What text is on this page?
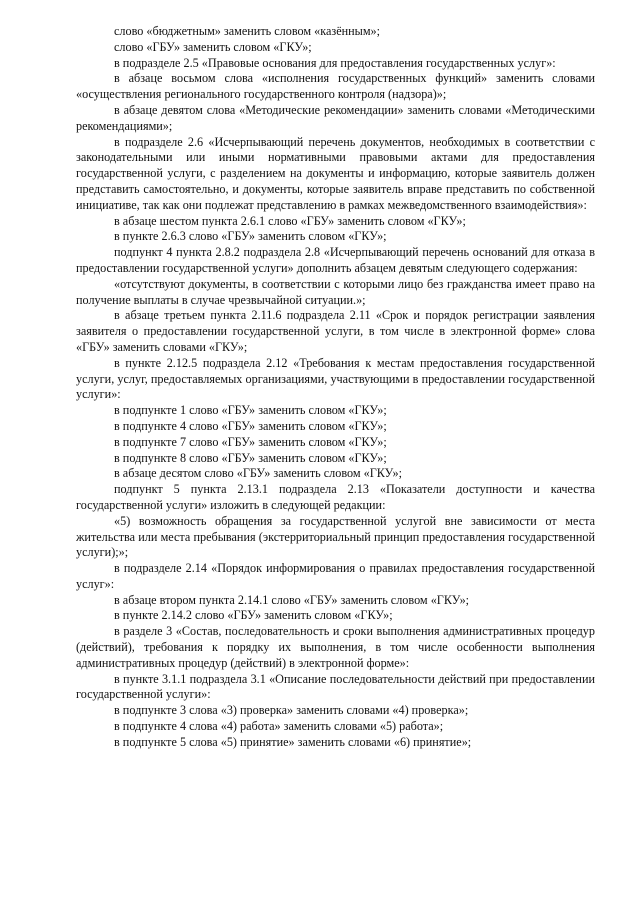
слово «бюджетным» заменить словом «казённым»;

слово «ГБУ» заменить словом «ГКУ»;

в подразделе 2.5 «Правовые основания для предоставления государственных услуг»:

в абзаце восьмом слова «исполнения государственных функций» заменить словами «осуществления регионального государственного контроля (надзора)»;

в абзаце девятом слова «Методические рекомендации» заменить словами «Методическими рекомендациями»;

в подразделе 2.6 «Исчерпывающий перечень документов, необходимых в соответствии с законодательными или иными нормативными правовыми актами для предоставления государственной услуги, с разделением на документы и информацию, которые заявитель должен представить самостоятельно, и документы, которые заявитель вправе представить по собственной инициативе, так как они подлежат представлению в рамках межведомственного взаимодействия»:

в абзаце шестом пункта 2.6.1 слово «ГБУ» заменить словом «ГКУ»;

в пункте 2.6.3 слово «ГБУ» заменить словом «ГКУ»;

подпункт 4 пункта 2.8.2 подраздела 2.8 «Исчерпывающий перечень оснований для отказа в предоставлении государственной услуги» дополнить абзацем девятым следующего содержания:

«отсутствуют документы, в соответствии с которыми лицо без гражданства имеет право на получение выплаты в случае чрезвычайной ситуации.»;

в абзаце третьем пункта 2.11.6 подраздела 2.11 «Срок и порядок регистрации заявления заявителя о предоставлении государственной услуги, в том числе в электронной форме» слова «ГБУ» заменить словами «ГКУ»;

в пункте 2.12.5 подраздела 2.12 «Требования к местам предоставления государственной услуги, услуг, предоставляемых организациями, участвующими в предоставлении государственной услуги»:

в подпункте 1 слово «ГБУ» заменить словом «ГКУ»;

в подпункте 4 слово «ГБУ» заменить словом «ГКУ»;

в подпункте 7 слово «ГБУ» заменить словом «ГКУ»;

в подпункте 8 слово «ГБУ» заменить словом «ГКУ»;

в абзаце десятом слово «ГБУ» заменить словом «ГКУ»;

подпункт 5 пункта 2.13.1 подраздела 2.13 «Показатели доступности и качества государственной услуги» изложить в следующей редакции:

«5) возможность обращения за государственной услугой вне зависимости от места жительства или места пребывания (экстерриториальный принцип предоставления государственной услуги);»;

в подразделе 2.14 «Порядок информирования о правилах предоставления государственной услуг»:

в абзаце втором пункта 2.14.1 слово «ГБУ» заменить словом «ГКУ»;

в пункте 2.14.2 слово «ГБУ» заменить словом «ГКУ»;

в разделе 3 «Состав, последовательность и сроки выполнения административных процедур (действий), требования к порядку их выполнения, в том числе особенности выполнения административных процедур (действий) в электронной форме»:

в пункте 3.1.1 подраздела 3.1 «Описание последовательности действий при предоставлении государственной услуги»:

в подпункте 3 слова «3) проверка» заменить словами «4) проверка»;

в подпункте 4 слова «4) работа» заменить словами «5) работа»;

в подпункте 5 слова «5) принятие» заменить словами «6) принятие»;
